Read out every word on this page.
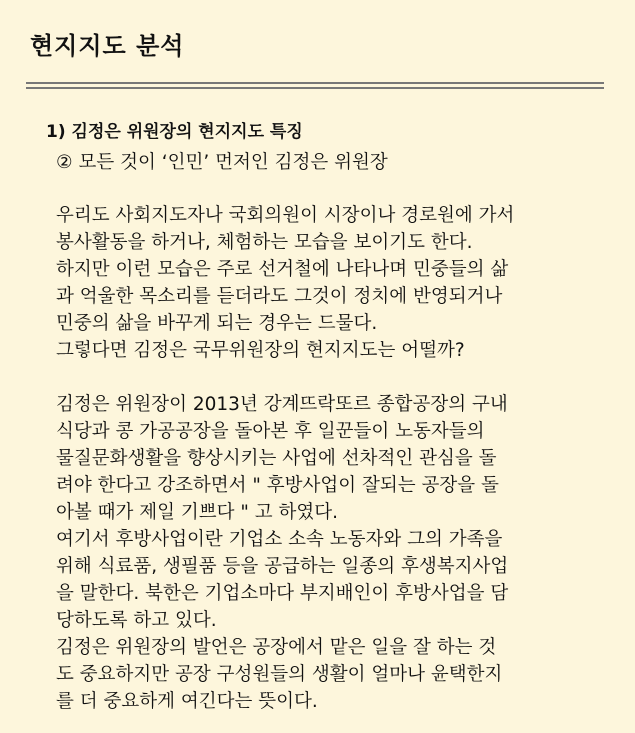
현지지도 분석
1) 김정은 위원장의 현지지도 특징
② 모든 것이 ‘인민’ 먼저인 김정은 위원장
우리도 사회지도자나 국회의원이 시장이나 경로원에 가서
봉사활동을 하거나, 체험하는 모습을 보이기도 한다.
하지만 이런 모습은 주로 선거철에 나타나며 민중들의 삶
과 억울한 목소리를 듣더라도 그것이 정치에 반영되거나
민중의 삶을 바꾸게 되는 경우는 드물다.
그렇다면 김정은 국무위원장의 현지지도는 어떨까?
김정은 위원장이 2013년 강계뜨락또르 종합공장의 구내
식당과 콩 가공공장을 돌아본 후 일꾼들이 노동자들의
물질문화생활을 향상시키는 사업에 선차적인 관심을 돌
려야 한다고 강조하면서 " 후방사업이 잘되는 공장을 돌
아볼 때가 제일 기쁘다 " 고 하였다.
여기서 후방사업이란 기업소 소속 노동자와 그의 가족을
위해 식료품, 생필품 등을 공급하는 일종의 후생복지사업
을 말한다. 북한은 기업소마다 부지배인이 후방사업을 담
당하도록 하고 있다.
김정은 위원장의 발언은 공장에서 맡은 일을 잘 하는 것
도 중요하지만 공장 구성원들의 생활이 얼마나 윤택한지
를 더 중요하게 여긴다는 뜻이다.
